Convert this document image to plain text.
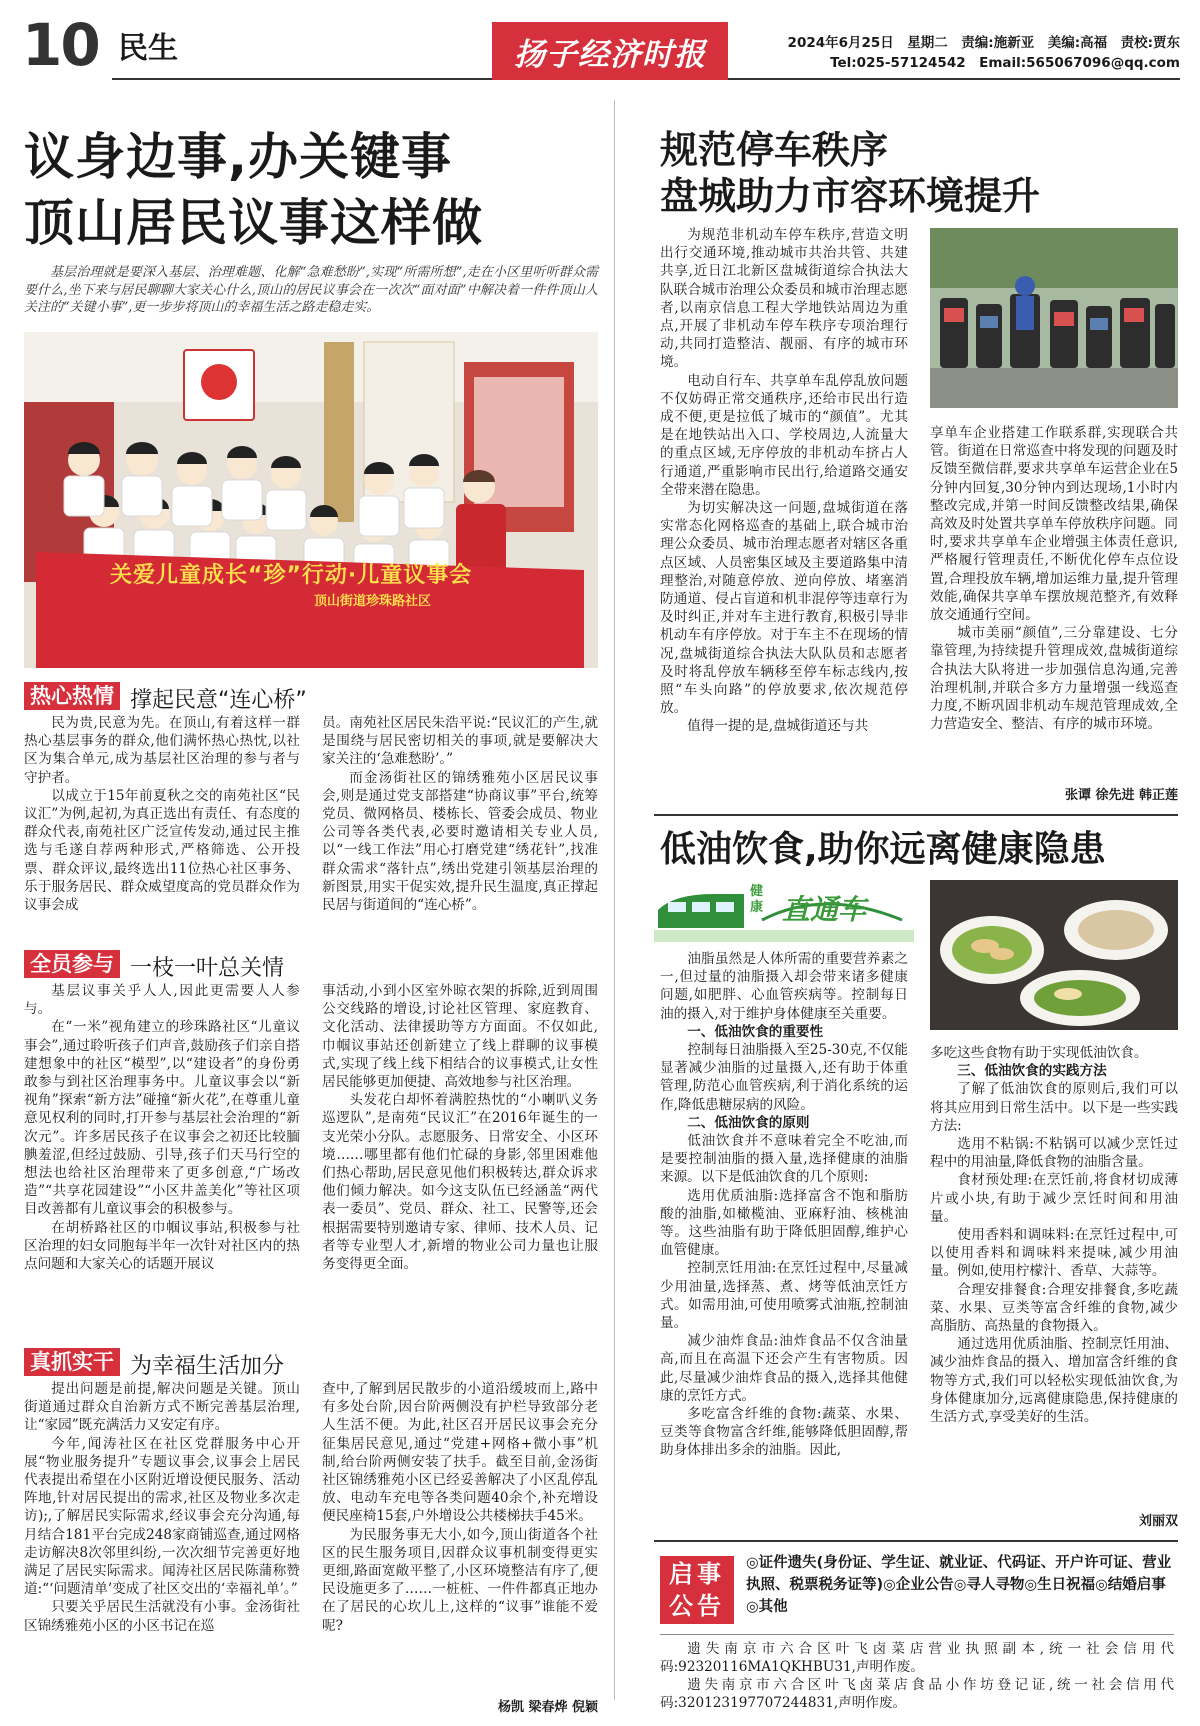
10 民生	扬子经济时报	2024年6月25日　星期二　责编:施新亚　美编:高福　责校:贾东
Tel:025-57124542　Email:565067096@qq.com
议身边事,办关键事
顶山居民议事这样做
基层治理就是要深入基层、治理难题、化解“急难愁盼”,实现“所需所想”,走在小区里听听群众需要什么,坐下来与居民聊聊大家关心什么,顶山的居民议事会在一次次“面对面”中解决着一件件顶山人关注的“关键小事”,更一步步将顶山的幸福生活之路走稳走实。
关爱儿童成长“珍”行动·儿童议事会
顶山街道珍珠路社区
热心热情 撑起民意“连心桥”

民为贵,民意为先。在顶山,有着这样一群热心基层事务的群众,他们满怀热心热忱,以社区为集合单元,成为基层社区治理的参与者与守护者。

以成立于15年前夏秋之交的南苑社区“民议汇”为例,起初,为真正选出有责任、有态度的群众代表,南苑社区广泛宣传发动,通过民主推选与毛遂自荐两种形式,严格筛选、公开投票、群众评议,最终选出11位热心社区事务、乐于服务居民、群众威望度高的党员群众作为议事会成

员。南苑社区居民朱浩平说:“民议汇的产生,就是围绕与居民密切相关的事项,就是要解决大家关注的‘急难愁盼’。”

而金汤街社区的锦绣雅苑小区居民议事会,则是通过党支部搭建“协商议事”平台,统筹党员、微网格员、楼栋长、管委会成员、物业公司等各类代表,必要时邀请相关专业人员,以“一线工作法”用心打磨党建“绣花针”,找准群众需求“落针点”,绣出党建引领基层治理的新图景,用实干促实效,提升民生温度,真正撑起民居与街道间的“连心桥”。

全员参与 一枝一叶总关情

基层议事关乎人人,因此更需要人人参与。

在“一米”视角建立的珍珠路社区“儿童议事会”,通过聆听孩子们声音,鼓励孩子们亲自搭建想象中的社区“模型”,以“建设者”的身份勇敢参与到社区治理事务中。儿童议事会以“新视角”探索“新方法”碰撞“新火花”,在尊重儿童意见权利的同时,打开参与基层社会治理的“新次元”。许多居民孩子在议事会之初还比较腼腆羞涩,但经过鼓励、引导,孩子们天马行空的想法也给社区治理带来了更多创意,“广场改造”“共享花园建设”“小区井盖美化”等社区项目改善都有儿童议事会的积极参与。

在胡桥路社区的巾帼议事站,积极参与社区治理的妇女同胞每半年一次针对社区内的热点问题和大家关心的话题开展议

事活动,小到小区室外晾衣架的拆除,近到周围公交线路的增设,讨论社区管理、家庭教育、文化活动、法律援助等方方面面。不仅如此,巾帼议事站还创新建立了线上群聊的议事模式,实现了线上线下相结合的议事模式,让女性居民能够更加便捷、高效地参与社区治理。

头发花白却怀着满腔热忱的“小喇叭义务巡逻队”,是南苑“民议汇”在2016年诞生的一支光荣小分队。志愿服务、日常安全、小区环境……哪里都有他们忙碌的身影,邻里困难他们热心帮助,居民意见他们积极转达,群众诉求他们倾力解决。如今这支队伍已经涵盖“两代表一委员”、党员、群众、社工、民警等,还会根据需要特别邀请专家、律师、技术人员、记者等专业型人才,新增的物业公司力量也让服务变得更全面。

真抓实干 为幸福生活加分

提出问题是前提,解决问题是关键。顶山街道通过群众自治新方式不断完善基层治理,让“家园”既充满活力又安定有序。

今年,闻涛社区在社区党群服务中心开展“物业服务提升”专题议事会,议事会上居民代表提出希望在小区附近增设便民服务、活动阵地,针对居民提出的需求,社区及物业多次走访);,了解居民实际需求,经议事会充分沟通,每月结合181平台完成248家商铺巡查,通过网格走访解决8次邻里纠纷,一次次细节完善更好地满足了居民实际需求。闻涛社区居民陈蒲称赞道:“‘问题清单’变成了社区交出的‘幸福礼单’。”

只要关乎居民生活就没有小事。金汤街社区锦绣雅苑小区的小区书记在巡

查中,了解到居民散步的小道沿缓坡而上,路中有多处台阶,因台阶两侧没有护栏导致部分老人生活不便。为此,社区召开居民议事会充分征集居民意见,通过“党建+网格+微小事”机制,给台阶两侧安装了扶手。截至目前,金汤街社区锦绣雅苑小区已经妥善解决了小区乱停乱放、电动车充电等各类问题40余个,补充增设便民座椅15套,户外增设公共楼梯扶手45米。

为民服务事无大小,如今,顶山街道各个社区的民生服务项目,因群众议事机制变得更实更细,路面宽敞平整了,小区环境整洁有序了,便民设施更多了……一桩桩、一件件都真正地办在了居民的心坎儿上,这样的“议事”谁能不爱呢?

杨凯 梁春烨 倪颖
规范停车秩序
盘城助力市容环境提升

为规范非机动车停车秩序,营造文明出行交通环境,推动城市共治共管、共建共享,近日江北新区盘城街道综合执法大队联合城市治理公众委员和城市治理志愿者,以南京信息工程大学地铁站周边为重点,开展了非机动车停车秩序专项治理行动,共同打造整洁、靓丽、有序的城市环境。

电动自行车、共享单车乱停乱放问题不仅妨碍正常交通秩序,还给市民出行造成不便,更是拉低了城市的“颜值”。尤其是在地铁站出入口、学校周边,人流量大的重点区域,无序停放的非机动车挤占人行通道,严重影响市民出行,给道路交通安全带来潜在隐患。

为切实解决这一问题,盘城街道在落实常态化网格巡查的基础上,联合城市治理公众委员、城市治理志愿者对辖区各重点区域、人员密集区域及主要道路集中清理整治,对随意停放、逆向停放、堵塞消防通道、侵占盲道和机非混停等违章行为及时纠正,并对车主进行教育,积极引导非机动车有序停放。对于车主不在现场的情况,盘城街道综合执法大队队员和志愿者及时将乱停放车辆移至停车标志线内,按照“车头向路”的停放要求,依次规范停放。

值得一提的是,盘城街道还与共

享单车企业搭建工作联系群,实现联合共管。街道在日常巡查中将发现的问题及时反馈至微信群,要求共享单车运营企业在5分钟内回复,30分钟内到达现场,1小时内整改完成,并第一时间反馈整改结果,确保高效及时处置共享单车停放秩序问题。同时,要求共享单车企业增强主体责任意识,严格履行管理责任,不断优化停车点位设置,合理投放车辆,增加运维力量,提升管理效能,确保共享单车摆放规范整齐,有效释放交通通行空间。

城市美丽“颜值”,三分靠建设、七分靠管理,为持续提升管理成效,盘城街道综合执法大队将进一步加强信息沟通,完善治理机制,并联合多方力量增强一线巡查力度,不断巩固非机动车规范管理成效,全力营造安全、整洁、有序的城市环境。

张谭 徐先进 韩正莲
低油饮食,助你远离健康隐患
健康 直通车

油脂虽然是人体所需的重要营养素之一,但过量的油脂摄入却会带来诸多健康问题,如肥胖、心血管疾病等。控制每日油的摄入,对于维护身体健康至关重要。

一、低油饮食的重要性

控制每日油脂摄入至25-30克,不仅能显著减少油脂的过量摄入,还有助于体重管理,防范心血管疾病,利于消化系统的运作,降低患糖尿病的风险。

二、低油饮食的原则

低油饮食并不意味着完全不吃油,而是要控制油脂的摄入量,选择健康的油脂来源。以下是低油饮食的几个原则:

选用优质油脂:选择富含不饱和脂肪酸的油脂,如橄榄油、亚麻籽油、核桃油等。这些油脂有助于降低胆固醇,维护心血管健康。

控制烹饪用油:在烹饪过程中,尽量减少用油量,选择蒸、煮、烤等低油烹饪方式。如需用油,可使用喷雾式油瓶,控制油量。

减少油炸食品:油炸食品不仅含油量高,而且在高温下还会产生有害物质。因此,尽量减少油炸食品的摄入,选择其他健康的烹饪方式。

多吃富含纤维的食物:蔬菜、水果、豆类等食物富含纤维,能够降低胆固醇,帮助身体排出多余的油脂。因此,

多吃这些食物有助于实现低油饮食。

三、低油饮食的实践方法

了解了低油饮食的原则后,我们可以将其应用到日常生活中。以下是一些实践方法:

选用不粘锅:不粘锅可以减少烹饪过程中的用油量,降低食物的油脂含量。

食材预处理:在烹饪前,将食材切成薄片或小块,有助于减少烹饪时间和用油量。

使用香料和调味料:在烹饪过程中,可以使用香料和调味料来提味,减少用油量。例如,使用柠檬汁、香草、大蒜等。

合理安排餐食:合理安排餐食,多吃蔬菜、水果、豆类等富含纤维的食物,减少高脂肪、高热量的食物摄入。

通过选用优质油脂、控制烹饪用油、减少油炸食品的摄入、增加富含纤维的食物等方式,我们可以轻松实现低油饮食,为身体健康加分,远离健康隐患,保持健康的生活方式,享受美好的生活。

刘丽双
启事
公告
◎证件遗失(身份证、学生证、就业证、代码证、开户许可证、营业执照、税票税务证等)◎企业公告◎寻人寻物◎生日祝福◎结婚启事◎其他
遗失南京市六合区叶飞卤菜店营业执照副本,统一社会信用代码:92320116MA1QKHBU31,声明作废。
遗失南京市六合区叶飞卤菜店食品小作坊登记证,统一社会信用代码:320123197707244831,声明作废。
